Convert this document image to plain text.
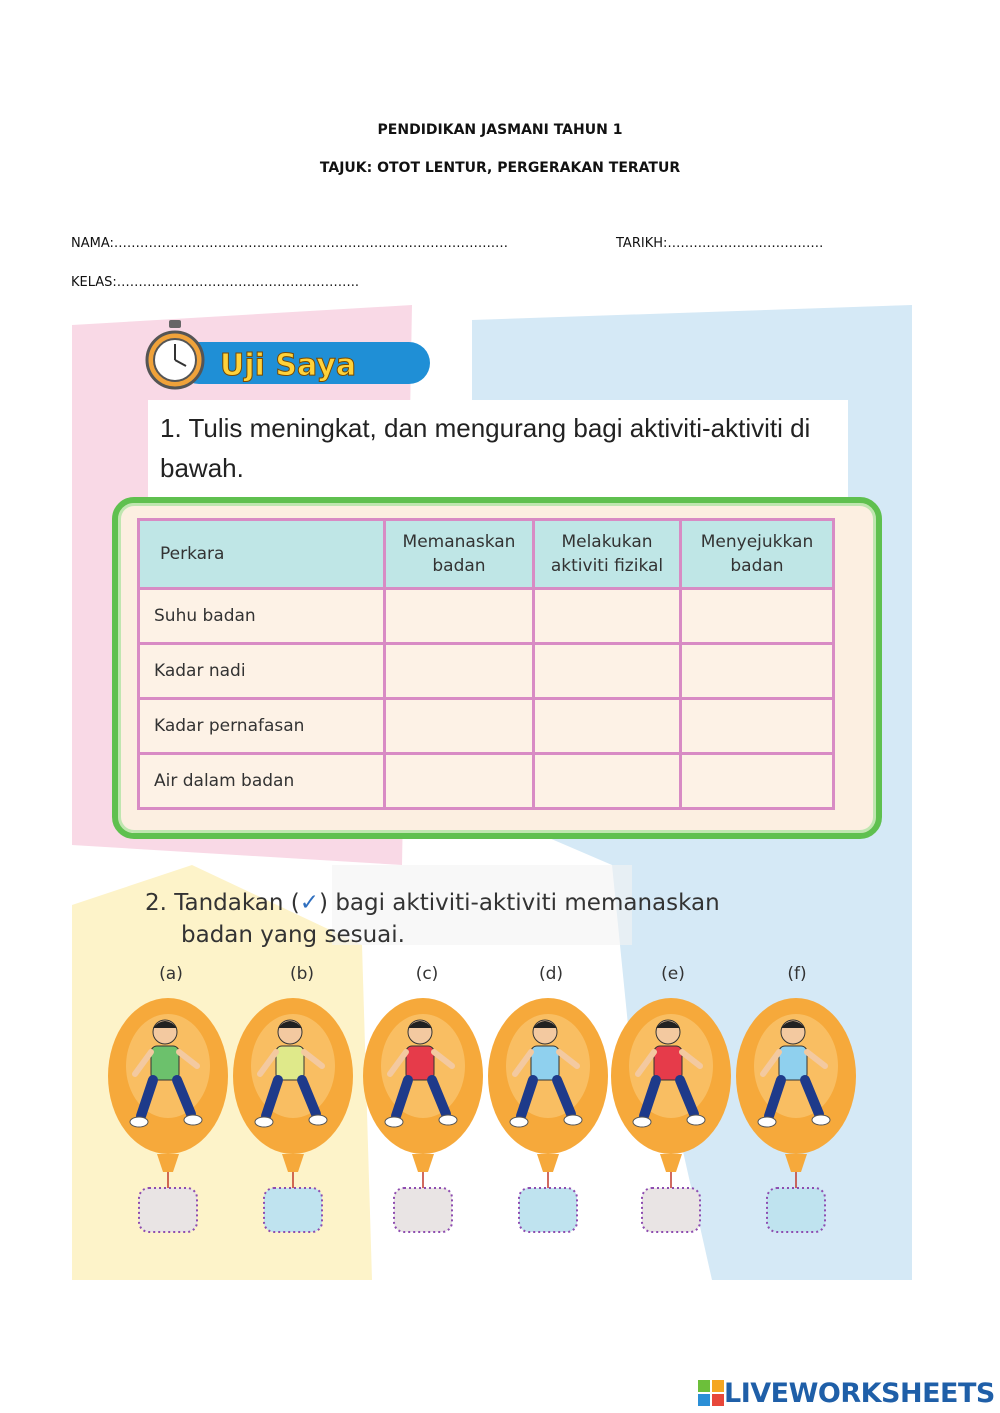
PENDIDIKAN JASMANI TAHUN 1
TAJUK: OTOT LENTUR, PERGERAKAN TERATUR
NAMA:…………………………………………………………………………….…	TARIKH:………………………………
KELAS:………………………………………………..
Uji Saya
1. Tulis meningkat, dan mengurang bagi aktiviti-aktiviti di bawah.
Perkara	Memanaskan badan	Melakukan aktiviti fizikal	Menyejukkan badan
Suhu badan			
Kadar nadi			
Kadar pernafasan			
Air dalam badan			
2. Tandakan (✓) bagi aktiviti-aktiviti memanaskan
badan yang sesuai.
(a)	(b)	(c)	(d)	(e)	(f)
LIVEWORKSHEETS
